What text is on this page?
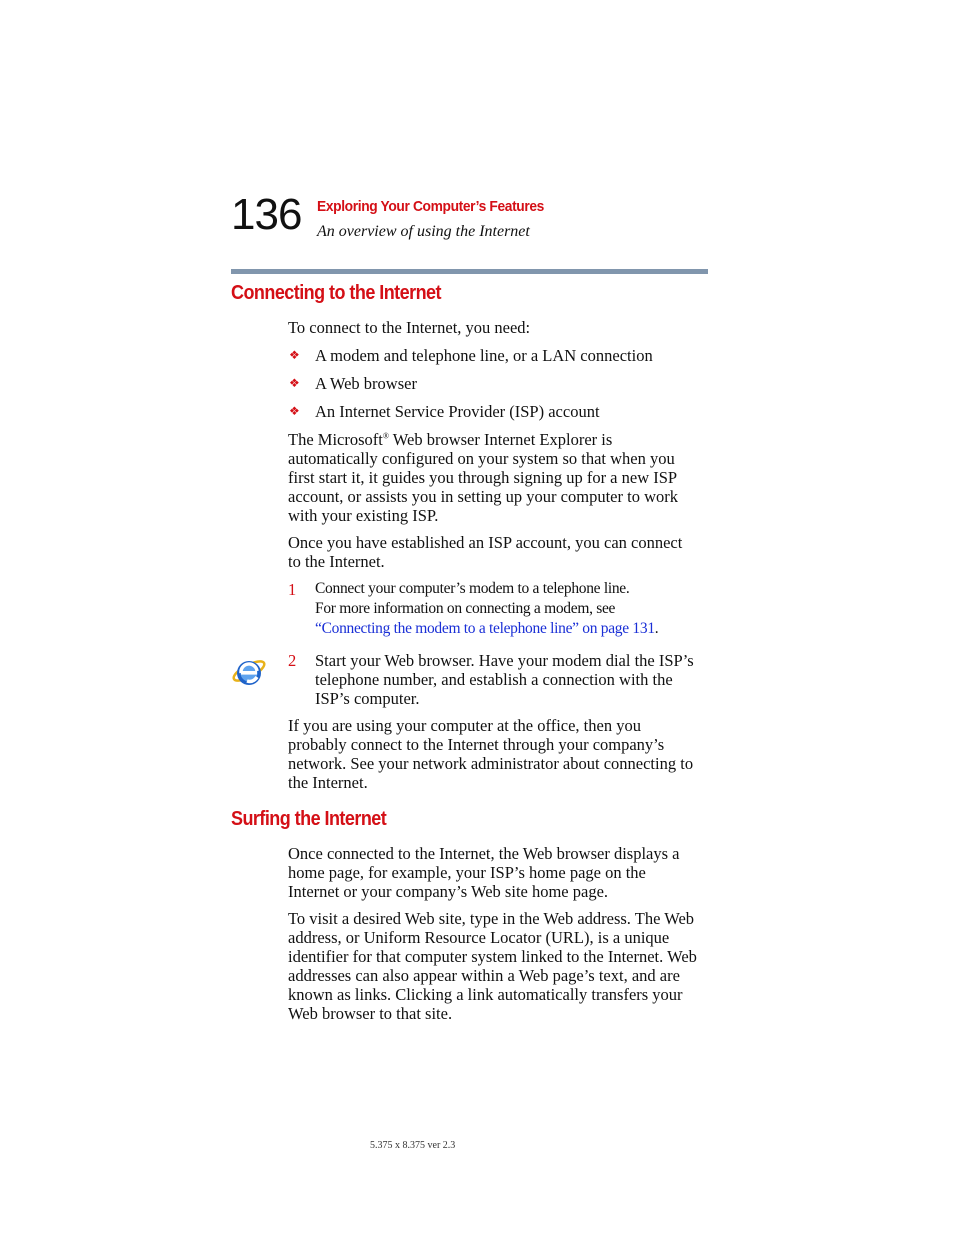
136 Exploring Your Computer’s Features
An overview of using the Internet
Connecting to the Internet
To connect to the Internet, you need:
❖ A modem and telephone line, or a LAN connection
❖ A Web browser
❖ An Internet Service Provider (ISP) account
The Microsoft® Web browser Internet Explorer is
automatically configured on your system so that when you
first start it, it guides you through signing up for a new ISP
account, or assists you in setting up your computer to work
with your existing ISP.
Once you have established an ISP account, you can connect
to the Internet.
1 Connect your computer’s modem to a telephone line.
For more information on connecting a modem, see
“Connecting the modem to a telephone line” on page 131.
2 Start your Web browser. Have your modem dial the ISP’s
telephone number, and establish a connection with the
ISP’s computer.
If you are using your computer at the office, then you
probably connect to the Internet through your company’s
network. See your network administrator about connecting to
the Internet.
Surfing the Internet
Once connected to the Internet, the Web browser displays a
home page, for example, your ISP’s home page on the
Internet or your company’s Web site home page.
To visit a desired Web site, type in the Web address. The Web
address, or Uniform Resource Locator (URL), is a unique
identifier for that computer system linked to the Internet. Web
addresses can also appear within a Web page’s text, and are
known as links. Clicking a link automatically transfers your
Web browser to that site.
5.375 x 8.375 ver 2.3
